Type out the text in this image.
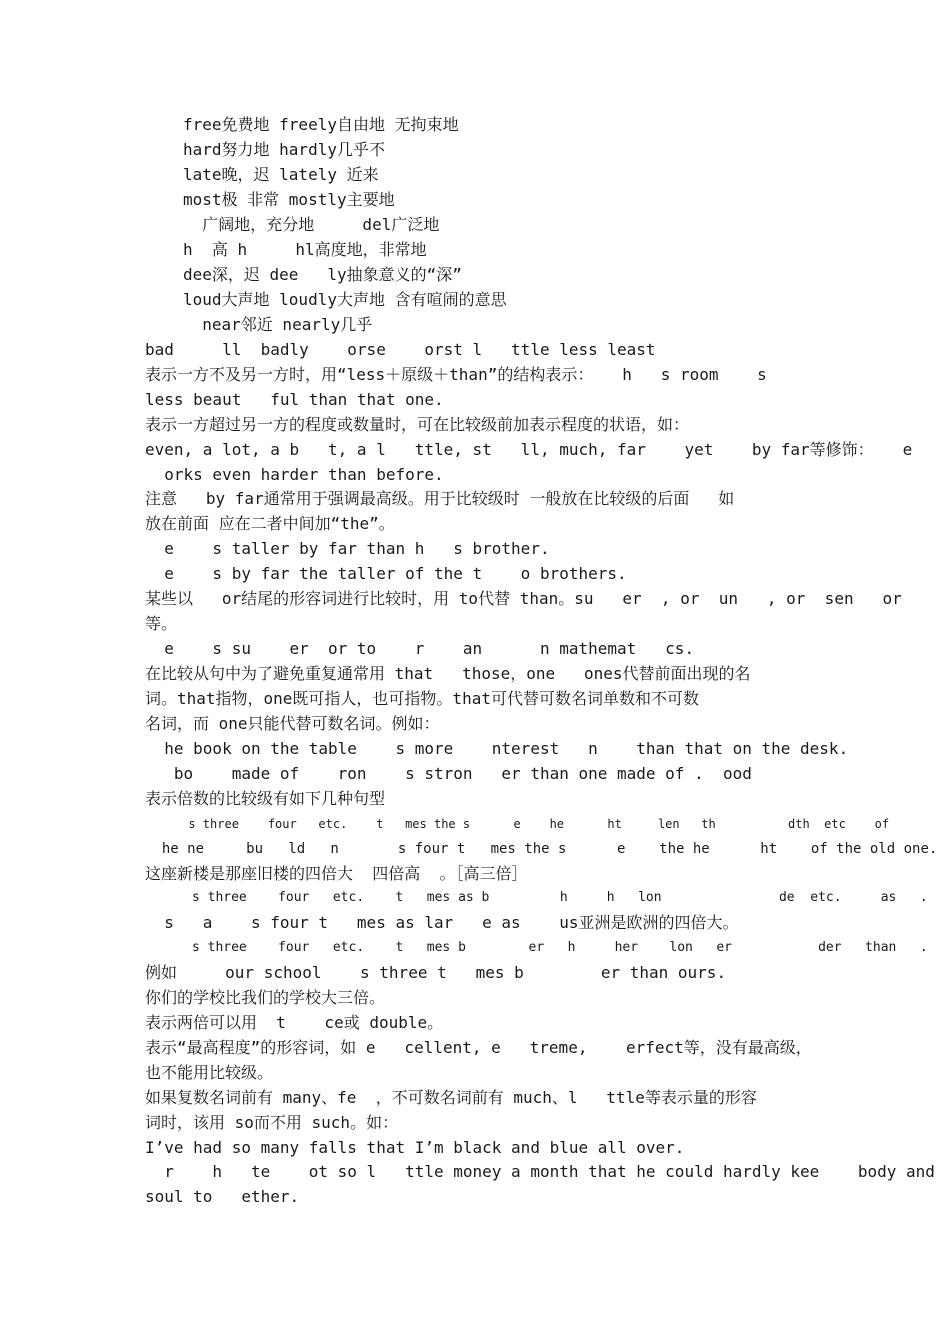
free免费地 freely自由地 无拘束地
hard努力地 hardly几乎不
late晚，迟 lately 近来
most极 非常 mostly主要地
广阔地，充分地     del广泛地
h  高 h     hl高度地，非常地
dee深，迟 dee   ly抽象意义的“深”
loud大声地 loudly大声地 含有喧闹的意思
near邻近 nearly几乎
bad     ll  badly    orse    orst l   ttle less least
表示一方不及另一方时，用“less＋原级＋than”的结构表示：   h   s room    s
less beaut   ful than that one.
表示一方超过另一方的程度或数量时，可在比较级前加表示程度的状语，如：
even, a lot, a b   t, a l   ttle, st   ll, much, far    yet    by far等修饰：   e
orks even harder than before.
注意   by far通常用于强调最高级。用于比较级时 一般放在比较级的后面   如
放在前面 应在二者中间加“the”。
e    s taller by far than h   s brother.
e    s by far the taller of the t    o brothers.
某些以   or结尾的形容词进行比较时，用 to代替 than。su   er  , or  un   , or  sen   or
等。
e    s su    er  or to    r    an      n mathemat   cs.
在比较从句中为了避免重复通常用 that   those，one   ones代替前面出现的名
词。that指物，one既可指人，也可指物。that可代替可数名词单数和不可数
名词，而 one只能代替可数名词。例如：
he book on the table    s more    nterest   n    than that on the desk.
bo    made of    ron    s stron   er than one made of .  ood
表示倍数的比较级有如下几种句型
s three    four   etc.    t   mes the s      e    he      ht     len   th          dth  etc    of
he ne     bu   ld   n       s four t   mes the s      e    the he      ht    of the old one.
这座新楼是那座旧楼的四倍大  四倍高  。［高三倍］
s three    four   etc.    t   mes as b         h     h   lon               de  etc.     as   .
s   a    s four t   mes as lar   e as    us亚洲是欧洲的四倍大。
s three    four   etc.    t   mes b        er   h     her    lon   er           der   than   .
例如     our school    s three t   mes b        er than ours.
你们的学校比我们的学校大三倍。
表示两倍可以用  t    ce或 double。
表示“最高程度”的形容词，如 e   cellent, e   treme,    erfect等，没有最高级，
也不能用比较级。
如果复数名词前有 many、fe  ，不可数名词前有 much、l   ttle等表示量的形容
词时，该用 so而不用 such。如：
I’ve had so many falls that I’m black and blue all over.
r    h   te    ot so l   ttle money a month that he could hardly kee    body and
soul to   ether.
